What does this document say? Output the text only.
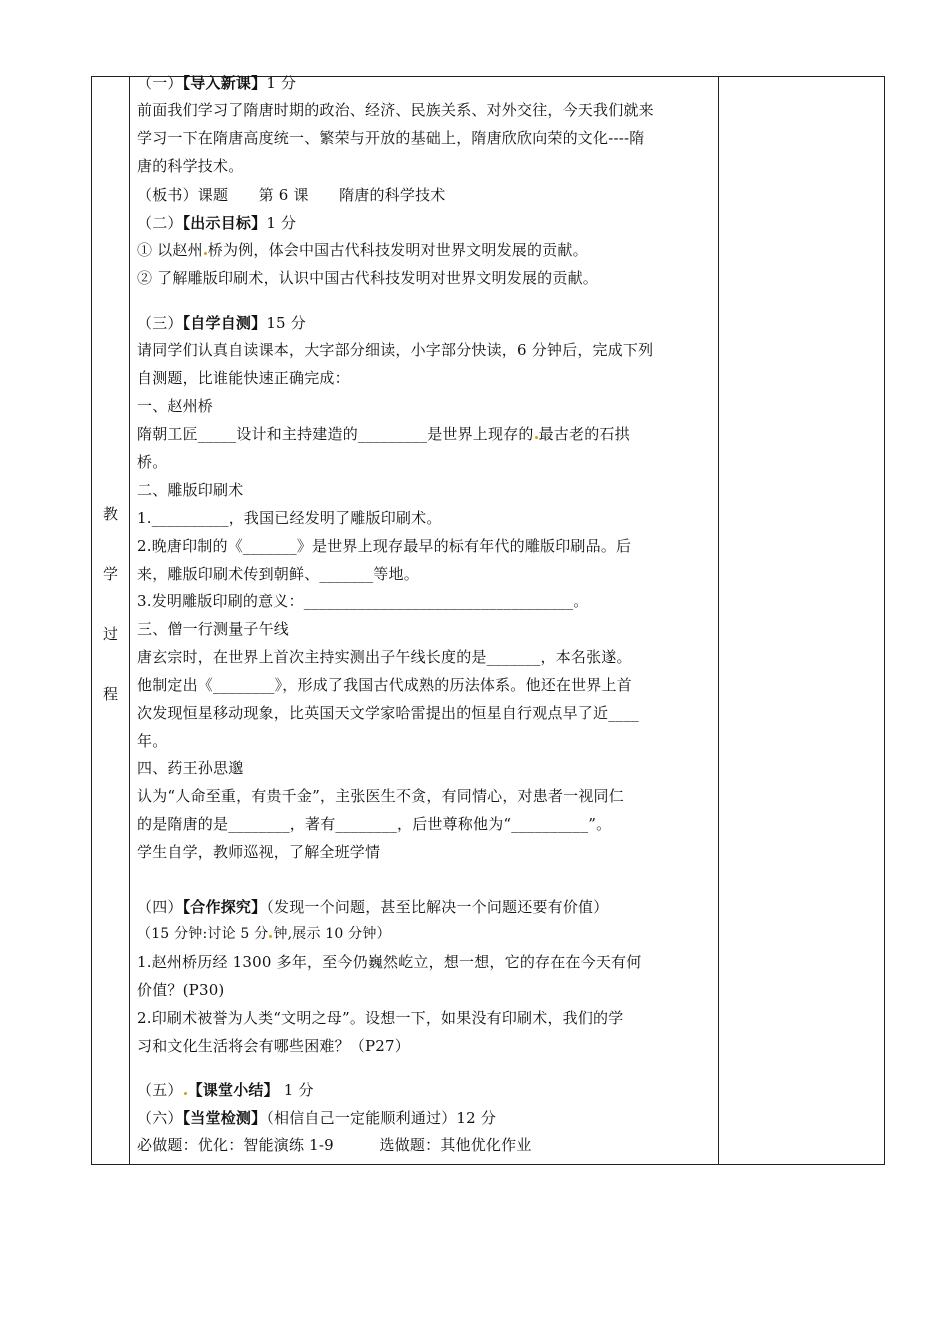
教
学
过
程
（一）【导入新课】1 分
前面我们学习了隋唐时期的政治、经济、民族关系、对外交往，今天我们就来
学习一下在隋唐高度统一、繁荣与开放的基础上，隋唐欣欣向荣的文化----隋
唐的科学技术。
（板书）课题　　第 6 课　　隋唐的科学技术
（二）【出示目标】1 分
① 以赵州 桥为例，体会中国古代科技发明对世界文明发展的贡献。
② 了解雕版印刷术，认识中国古代科技发明对世界文明发展的贡献。
（三）【自学自测】15 分
请同学们认真自读课本，大字部分细读，小字部分快读，6 分钟后，完成下列
自测题，比谁能快速正确完成：
一、赵州桥
隋朝工匠_____设计和主持建造的_________是世界上现存的 最古老的石拱
桥。
二、雕版印刷术
1.__________，我国已经发明了雕版印刷术。
2.晚唐印制的《_______》是世界上现存最早的标有年代的雕版印刷品。后
来，雕版印刷术传到朝鲜、_______等地。
3.发明雕版印刷的意义：___________________________________。
三、僧一行测量子午线
唐玄宗时，在世界上首次主持实测出子午线长度的是_______，本名张遂。
他制定出《________》，形成了我国古代成熟的历法体系。他还在世界上首
次发现恒星移动现象，比英国天文学家哈雷提出的恒星自行观点早了近____
年。
四、药王孙思邈
认为“人命至重，有贵千金”，主张医生不贪，有同情心，对患者一视同仁
的是隋唐的是________，著有________，后世尊称他为“__________”。
学生自学，教师巡视，了解全班学情
（四）【合作探究】（发现一个问题，甚至比解决一个问题还要有价值）
（15 分钟:讨论 5 分 钟,展示 10 分钟）
1.赵州桥历经 1300 多年，至今仍巍然屹立，想一想，它的存在在今天有何
价值？(P30)
2.印刷术被誉为人类“文明之母”。设想一下，如果没有印刷术，我们的学
习和文化生活将会有哪些困难？（P27）
（五） 【课堂小结】 1 分
（六）【当堂检测】（相信自己一定能顺利通过）12 分
必做题：优化：智能演练 1-9　　　选做题：其他优化作业
